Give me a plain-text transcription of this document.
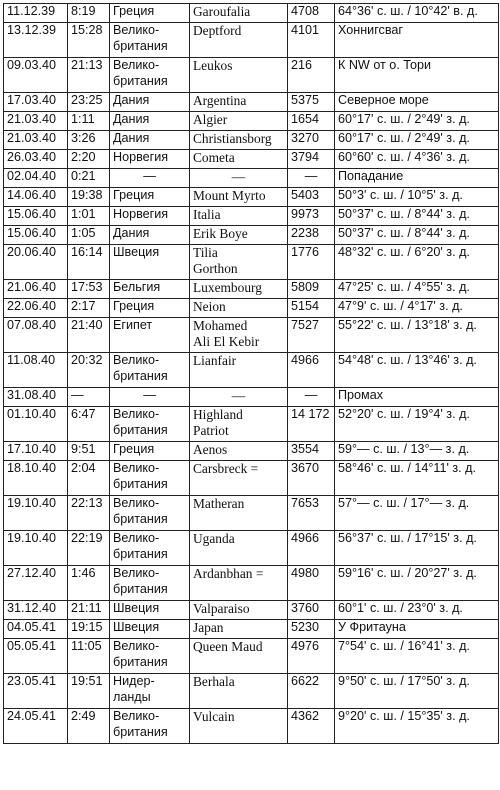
11.12.39	8:19	Греция	Garoufalia	4708	64°36' с. ш. / 10°42' в. д.
13.12.39	15:28	Велико-
британия	Deptford	4101	Хоннигсваг
09.03.40	21:13	Велико-
британия	Leukos	216	К NW от о. Тори
17.03.40	23:25	Дания	Argentina	5375	Северное море
21.03.40	1:11	Дания	Algier	1654	60°17' с. ш. / 2°49' з. д.
21.03.40	3:26	Дания	Christiansborg	3270	60°17' с. ш. / 2°49' з. д.
26.03.40	2:20	Норвегия	Cometa	3794	60°60' с. ш. / 4°36' з. д.
02.04.40	0:21	—	—	—	Попадание
14.06.40	19:38	Греция	Mount Myrto	5403	50°3' с. ш. / 10°5' з. д.
15.06.40	1:01	Норвегия	Italia	9973	50°37' с. ш. / 8°44' з. д.
15.06.40	1:05	Дания	Erik Boye	2238	50°37' с. ш. / 8°44' з. д.
20.06.40	16:14	Швеция	Tilia
Gorthon	1776	48°32' с. ш. / 6°20' з. д.
21.06.40	17:53	Бельгия	Luxembourg	5809	47°25' с. ш. / 4°55' з. д.
22.06.40	2:17	Греция	Neion	5154	47°9' с. ш. / 4°17' з. д.
07.08.40	21:40	Египет	Mohamed
Ali El Kebir	7527	55°22' с. ш. / 13°18' з. д.
11.08.40	20:32	Велико-
британия	Lianfair	4966	54°48' с. ш. / 13°46' з. д.
31.08.40	—	—	—	—	Промах
01.10.40	6:47	Велико-
британия	Highland
Patriot	14 172	52°20' с. ш. / 19°4' з. д.
17.10.40	9:51	Греция	Aenos	3554	59°— с. ш. / 13°— з. д.
18.10.40	2:04	Велико-
британия	Carsbreck =	3670	58°46' с. ш. / 14°11' з. д.
19.10.40	22:13	Велико-
британия	Matheran	7653	57°— с. ш. / 17°— з. д.
19.10.40	22:19	Велико-
британия	Uganda	4966	56°37' с. ш. / 17°15' з. д.
27.12.40	1:46	Велико-
британия	Ardanbhan =	4980	59°16' с. ш. / 20°27' з. д.
31.12.40	21:11	Швеция	Valparaiso	3760	60°1' с. ш. / 23°0' з. д.
04.05.41	19:15	Швеция	Japan	5230	У Фритауна
05.05.41	11:05	Велико-
британия	Queen Maud	4976	7°54' с. ш. / 16°41' з. д.
23.05.41	19:51	Нидер-
ланды	Berhala	6622	9°50' с. ш. / 17°50' з. д.
24.05.41	2:49	Велико-
британия	Vulcain	4362	9°20' с. ш. / 15°35' з. д.
